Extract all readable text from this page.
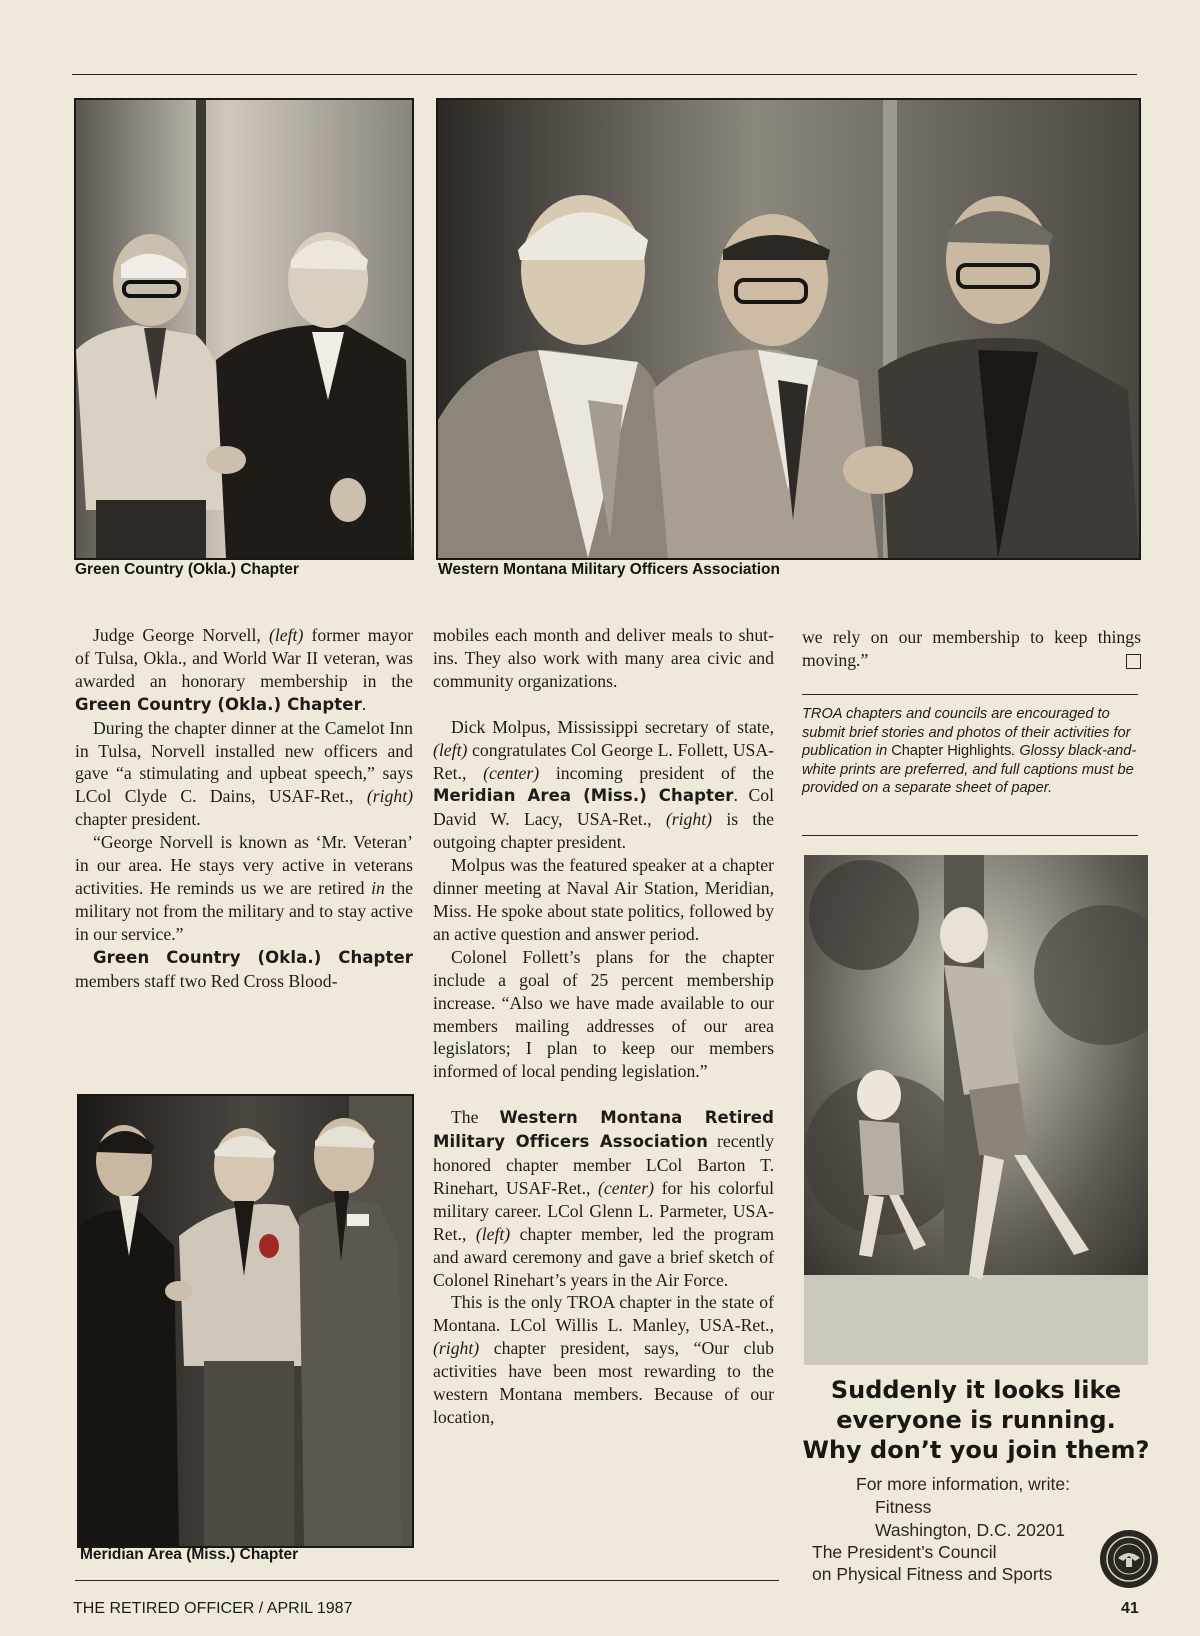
Green Country (Okla.) Chapter	Western Montana Military Officers Association

Judge George Norvell, (left) former mayor of Tulsa, Okla., and World War II veteran, was awarded an honorary membership in the Green Country (Okla.) Chapter.

During the chapter dinner at the Camelot Inn in Tulsa, Norvell installed new officers and gave “a stimulating and upbeat speech,” says LCol Clyde C. Dains, USAF-Ret., (right) chapter president.

“George Norvell is known as ‘Mr. Veteran’ in our area. He stays very active in veterans activities. He reminds us we are retired in the military not from the military and to stay active in our service.”

Green Country (Okla.) Chapter members staff two Red Cross Blood-

Meridian Area (Miss.) Chapter

mobiles each month and deliver meals to shut-ins. They also work with many area civic and community organizations.

Dick Molpus, Mississippi secretary of state, (left) congratulates Col George L. Follett, USA-Ret., (center) incoming president of the Meridian Area (Miss.) Chapter. Col David W. Lacy, USA-Ret., (right) is the outgoing chapter president.

Molpus was the featured speaker at a chapter dinner meeting at Naval Air Station, Meridian, Miss. He spoke about state politics, followed by an active question and answer period.

Colonel Follett’s plans for the chapter include a goal of 25 percent membership increase. “Also we have made available to our members mailing addresses of our area legislators; I plan to keep our members informed of local pending legislation.”

The Western Montana Retired Military Officers Association recently honored chapter member LCol Barton T. Rinehart, USAF-Ret., (center) for his colorful military career. LCol Glenn L. Parmeter, USA-Ret., (left) chapter member, led the program and award ceremony and gave a brief sketch of Colonel Rinehart’s years in the Air Force.

This is the only TROA chapter in the state of Montana. LCol Willis L. Manley, USA-Ret., (right) chapter president, says, “Our club activities have been most rewarding to the western Montana members. Because of our location,

we rely on our membership to keep things moving.”

TROA chapters and councils are encouraged to submit brief stories and photos of their activities for publication in Chapter Highlights. Glossy black-and-white prints are preferred, and full captions must be provided on a separate sheet of paper.
Suddenly it looks like
everyone is running.
Why don’t you join them?
For more information, write:
Fitness
Washington, D.C. 20201
The President’s Council
on Physical Fitness and Sports
THE RETIRED OFFICER / APRIL 1987	41
